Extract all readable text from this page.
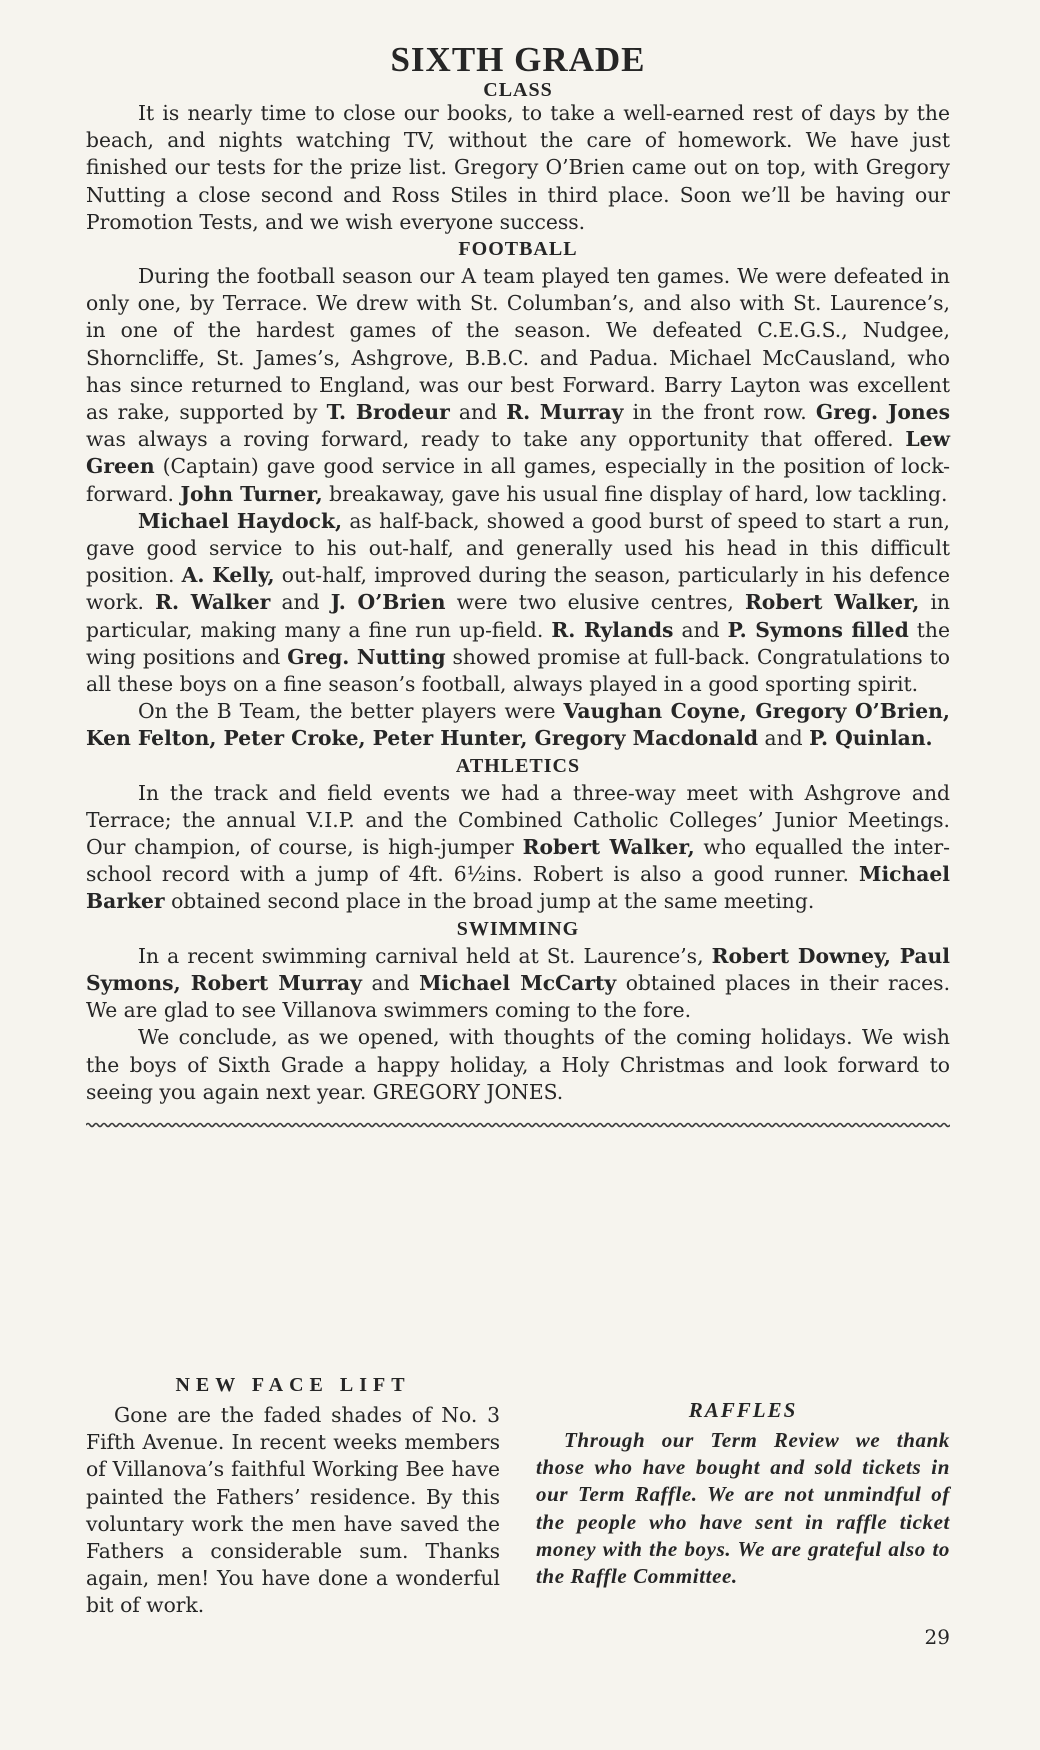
SIXTH GRADE
CLASS

It is nearly time to close our books, to take a well-earned rest of days by the beach, and nights watching TV, without the care of homework. We have just finished our tests for the prize list. Gregory O’Brien came out on top, with Gregory Nutting a close second and Ross Stiles in third place. Soon we’ll be having our Promotion Tests, and we wish everyone success.

FOOTBALL

During the football season our A team played ten games. We were defeated in only one, by Terrace. We drew with St. Columban’s, and also with St. Laurence’s, in one of the hardest games of the season. We defeated C.E.G.S., Nudgee, Shorncliffe, St. James’s, Ashgrove, B.B.C. and Padua. Michael McCausland, who has since returned to England, was our best Forward. Barry Layton was excellent as rake, supported by T. Brodeur and R. Murray in the front row. Greg. Jones was always a roving forward, ready to take any opportunity that offered. Lew Green (Captain) gave good service in all games, especially in the position of lock-forward. John Turner, breakaway, gave his usual fine display of hard, low tackling.

Michael Haydock, as half-back, showed a good burst of speed to start a run, gave good service to his out-half, and generally used his head in this difficult position. A. Kelly, out-half, improved during the season, particularly in his defence work. R. Walker and J. O’Brien were two elusive centres, Robert Walker, in particular, making many a fine run up-field. R. Rylands and P. Symons filled the wing positions and Greg. Nutting showed promise at full-back. Congratulations to all these boys on a fine season’s football, always played in a good sporting spirit.

On the B Team, the better players were Vaughan Coyne, Gregory O’Brien, Ken Felton, Peter Croke, Peter Hunter, Gregory Macdonald and P. Quinlan.

ATHLETICS

In the track and field events we had a three-way meet with Ashgrove and Terrace; the annual V.I.P. and the Combined Catholic Colleges’ Junior Meetings. Our champion, of course, is high-jumper Robert Walker, who equalled the inter-school record with a jump of 4ft. 6½ins. Robert is also a good runner. Michael Barker obtained second place in the broad jump at the same meeting.

SWIMMING

In a recent swimming carnival held at St. Laurence’s, Robert Downey, Paul Symons, Robert Murray and Michael McCarty obtained places in their races. We are glad to see Villanova swimmers coming to the fore.

We conclude, as we opened, with thoughts of the coming holidays. We wish the boys of Sixth Grade a happy holiday, a Holy Christmas and look forward to seeing you again next year. GREGORY JONES.

NEW FACE LIFT

Gone are the faded shades of No. 3 Fifth Avenue. In recent weeks members of Villanova’s faithful Working Bee have painted the Fathers’ residence. By this voluntary work the men have saved the Fathers a considerable sum. Thanks again, men! You have done a wonderful bit of work.

RAFFLES

Through our Term Review we thank those who have bought and sold tickets in our Term Raffle. We are not unmindful of the people who have sent in raffle ticket money with the boys. We are grateful also to the Raffle Committee.

29
